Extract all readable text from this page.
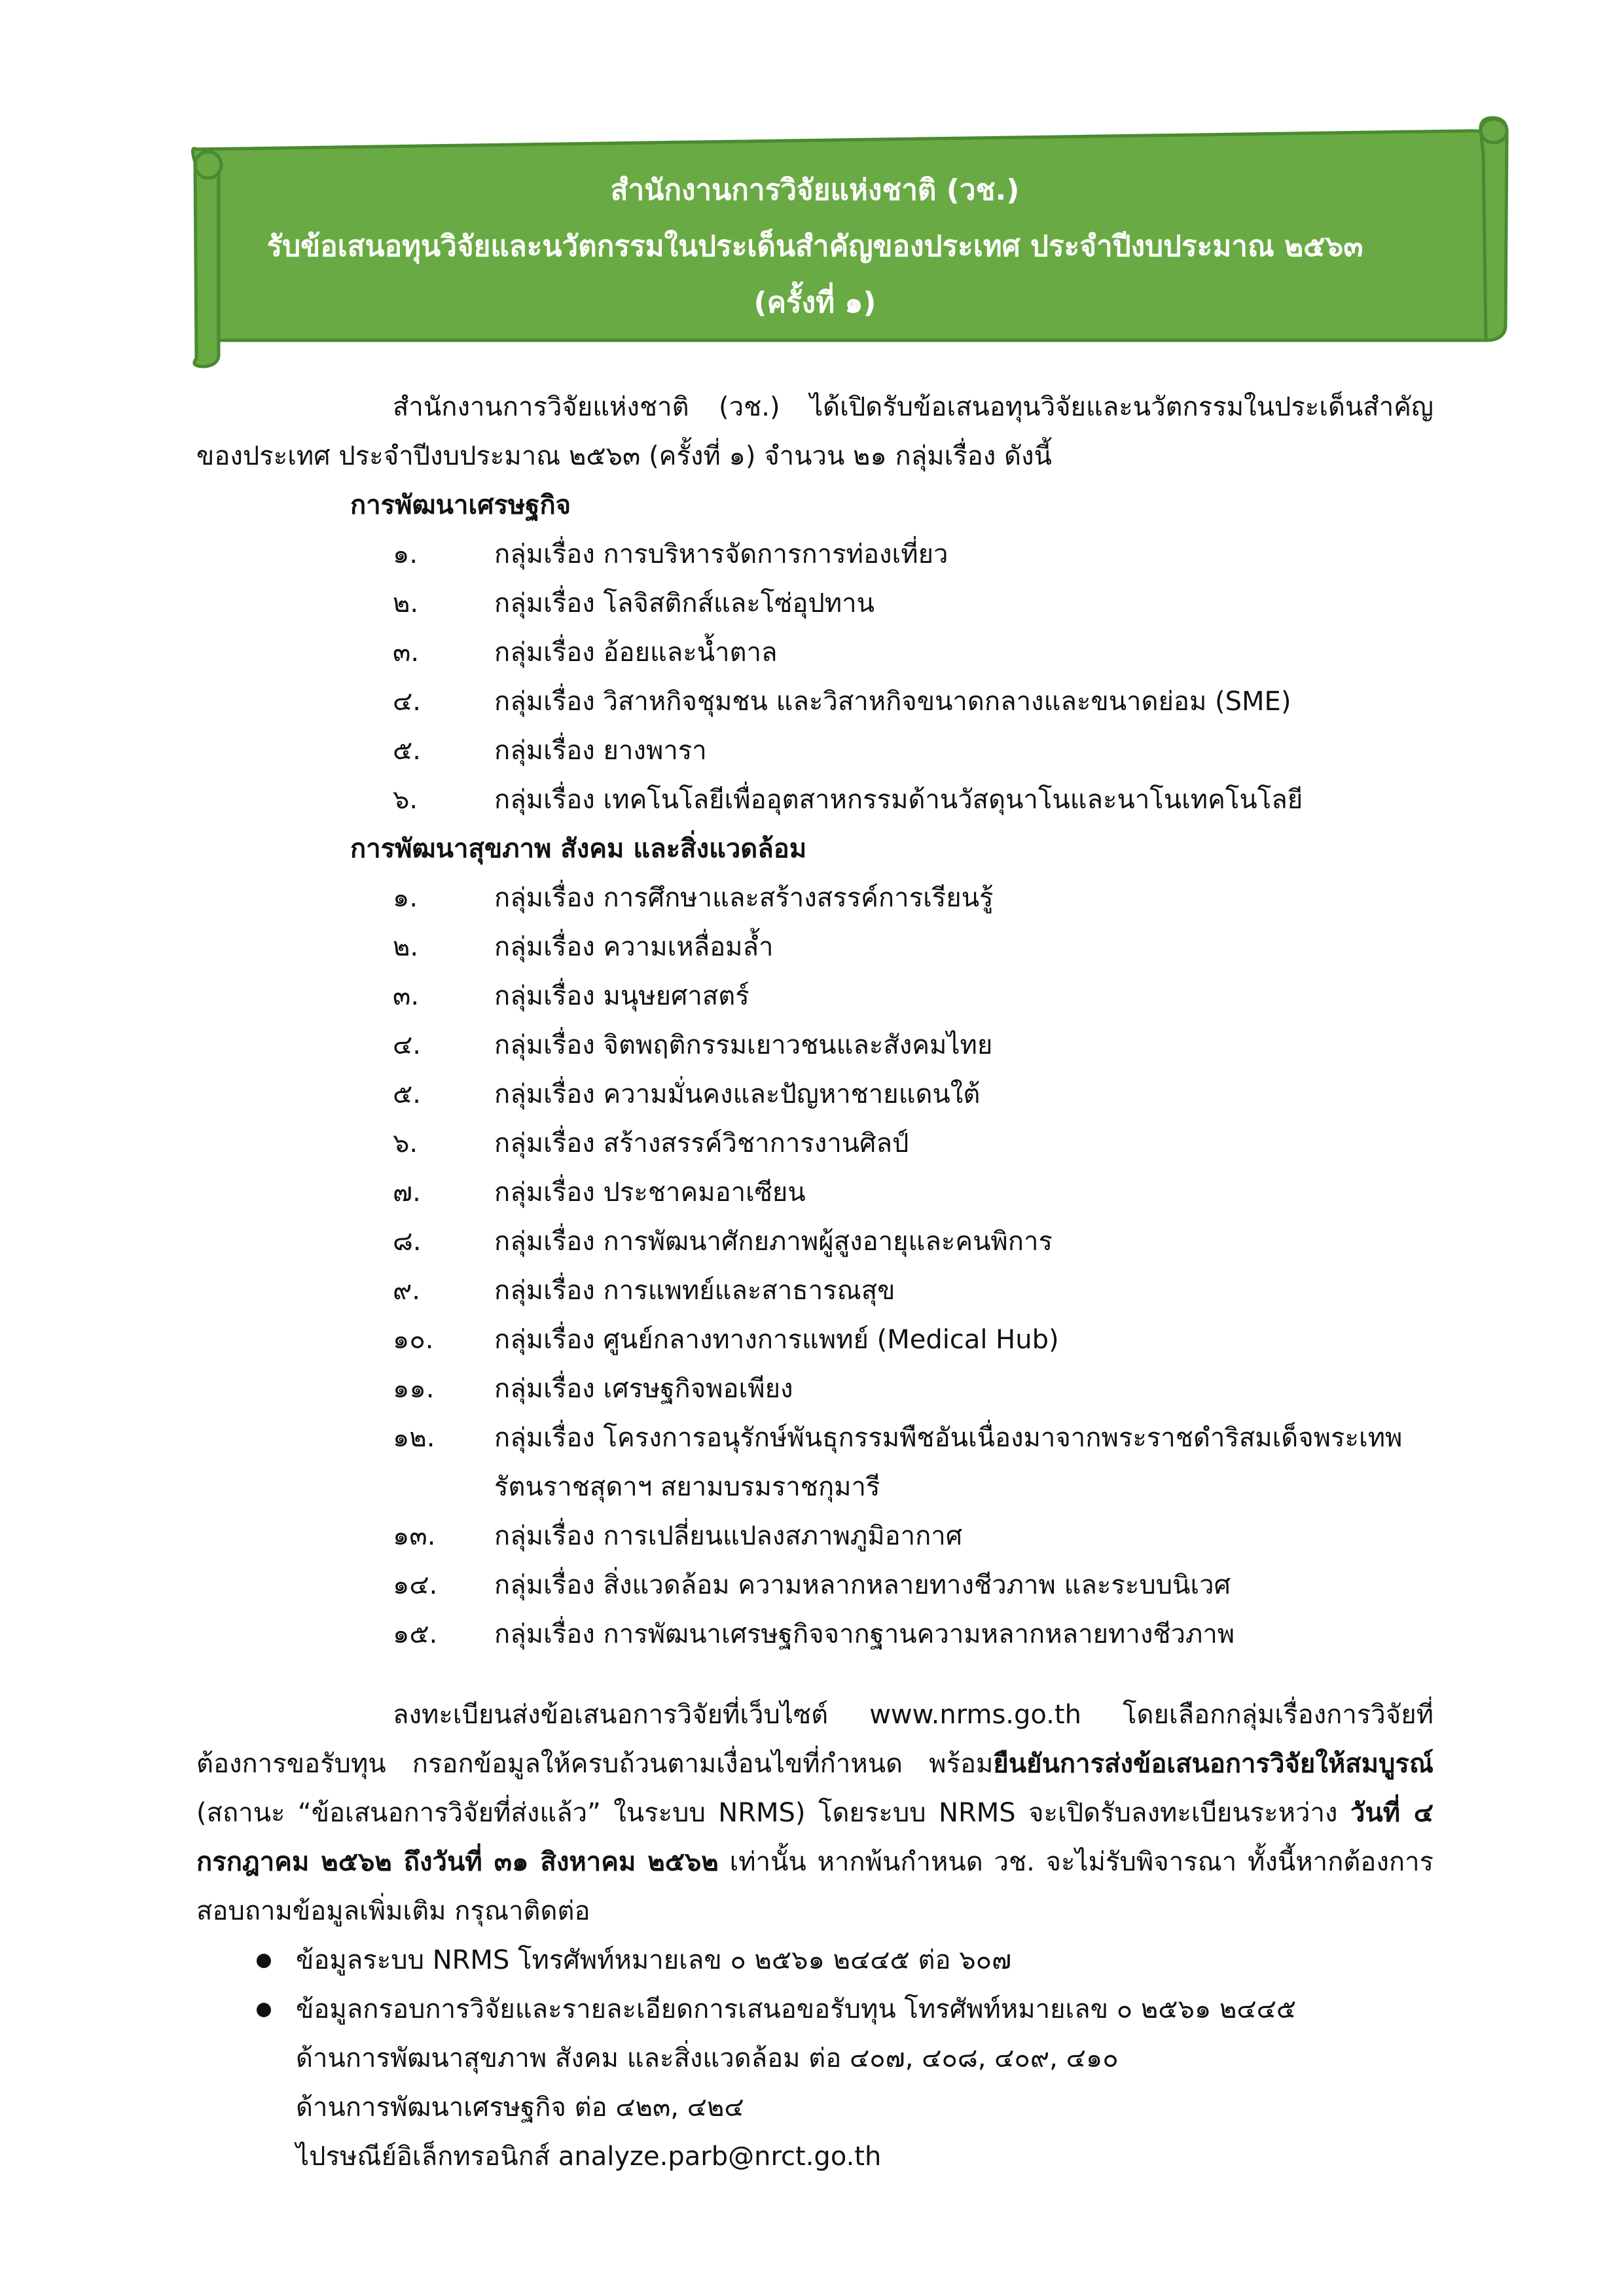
สำนักงานการวิจัยแห่งชาติ (วช.)
รับข้อเสนอทุนวิจัยและนวัตกรรมในประเด็นสำคัญของประเทศ ประจำปีงบประมาณ ๒๕๖๓
(ครั้งที่ ๑)

สำนักงานการวิจัยแห่งชาติ (วช.) ได้เปิดรับข้อเสนอทุนวิจัยและนวัตกรรมในประเด็นสำคัญของประเทศ ประจำปีงบประมาณ ๒๕๖๓ (ครั้งที่ ๑) จำนวน ๒๑ กลุ่มเรื่อง ดังนี้

การพัฒนาเศรษฐกิจ

๑.	กลุ่มเรื่อง การบริหารจัดการการท่องเที่ยว
๒.	กลุ่มเรื่อง โลจิสติกส์และโซ่อุปทาน
๓.	กลุ่มเรื่อง อ้อยและน้ำตาล
๔.	กลุ่มเรื่อง วิสาหกิจชุมชน และวิสาหกิจขนาดกลางและขนาดย่อม (SME)
๕.	กลุ่มเรื่อง ยางพารา
๖.	กลุ่มเรื่อง เทคโนโลยีเพื่ออุตสาหกรรมด้านวัสดุนาโนและนาโนเทคโนโลยี

การพัฒนาสุขภาพ สังคม และสิ่งแวดล้อม

๑.	กลุ่มเรื่อง การศึกษาและสร้างสรรค์การเรียนรู้
๒.	กลุ่มเรื่อง ความเหลื่อมล้ำ
๓.	กลุ่มเรื่อง มนุษยศาสตร์
๔.	กลุ่มเรื่อง จิตพฤติกรรมเยาวชนและสังคมไทย
๕.	กลุ่มเรื่อง ความมั่นคงและปัญหาชายแดนใต้
๖.	กลุ่มเรื่อง สร้างสรรค์วิชาการงานศิลป์
๗.	กลุ่มเรื่อง ประชาคมอาเซียน
๘.	กลุ่มเรื่อง การพัฒนาศักยภาพผู้สูงอายุและคนพิการ
๙.	กลุ่มเรื่อง การแพทย์และสาธารณสุข
๑๐.	กลุ่มเรื่อง ศูนย์กลางทางการแพทย์ (Medical Hub)
๑๑.	กลุ่มเรื่อง เศรษฐกิจพอเพียง
๑๒.	กลุ่มเรื่อง โครงการอนุรักษ์พันธุกรรมพืชอันเนื่องมาจากพระราชดำริสมเด็จพระเทพรัตนราชสุดาฯ สยามบรมราชกุมารี
๑๓.	กลุ่มเรื่อง การเปลี่ยนแปลงสภาพภูมิอากาศ
๑๔.	กลุ่มเรื่อง สิ่งแวดล้อม ความหลากหลายทางชีวภาพ และระบบนิเวศ
๑๕.	กลุ่มเรื่อง การพัฒนาเศรษฐกิจจากฐานความหลากหลายทางชีวภาพ

ลงทะเบียนส่งข้อเสนอการวิจัยที่เว็บไซต์ www.nrms.go.th โดยเลือกกลุ่มเรื่องการวิจัยที่ต้องการขอรับทุน กรอกข้อมูลให้ครบถ้วนตามเงื่อนไขที่กำหนด พร้อมยืนยันการส่งข้อเสนอการวิจัยให้สมบูรณ์ (สถานะ “ข้อเสนอการวิจัยที่ส่งแล้ว” ในระบบ NRMS) โดยระบบ NRMS จะเปิดรับลงทะเบียนระหว่าง วันที่ ๔ กรกฎาคม ๒๕๖๒ ถึงวันที่ ๓๑ สิงหาคม ๒๕๖๒ เท่านั้น หากพ้นกำหนด วช. จะไม่รับพิจารณา ทั้งนี้หากต้องการสอบถามข้อมูลเพิ่มเติม กรุณาติดต่อ

ข้อมูลระบบ NRMS โทรศัพท์หมายเลข ๐ ๒๕๖๑ ๒๔๔๕ ต่อ ๖๐๗
ข้อมูลกรอบการวิจัยและรายละเอียดการเสนอขอรับทุน โทรศัพท์หมายเลข ๐ ๒๕๖๑ ๒๔๔๕
ด้านการพัฒนาสุขภาพ สังคม และสิ่งแวดล้อม ต่อ ๔๐๗, ๔๐๘, ๔๐๙, ๔๑๐
ด้านการพัฒนาเศรษฐกิจ ต่อ ๔๒๓, ๔๒๔
ไปรษณีย์อิเล็กทรอนิกส์ analyze.parb@nrct.go.th
